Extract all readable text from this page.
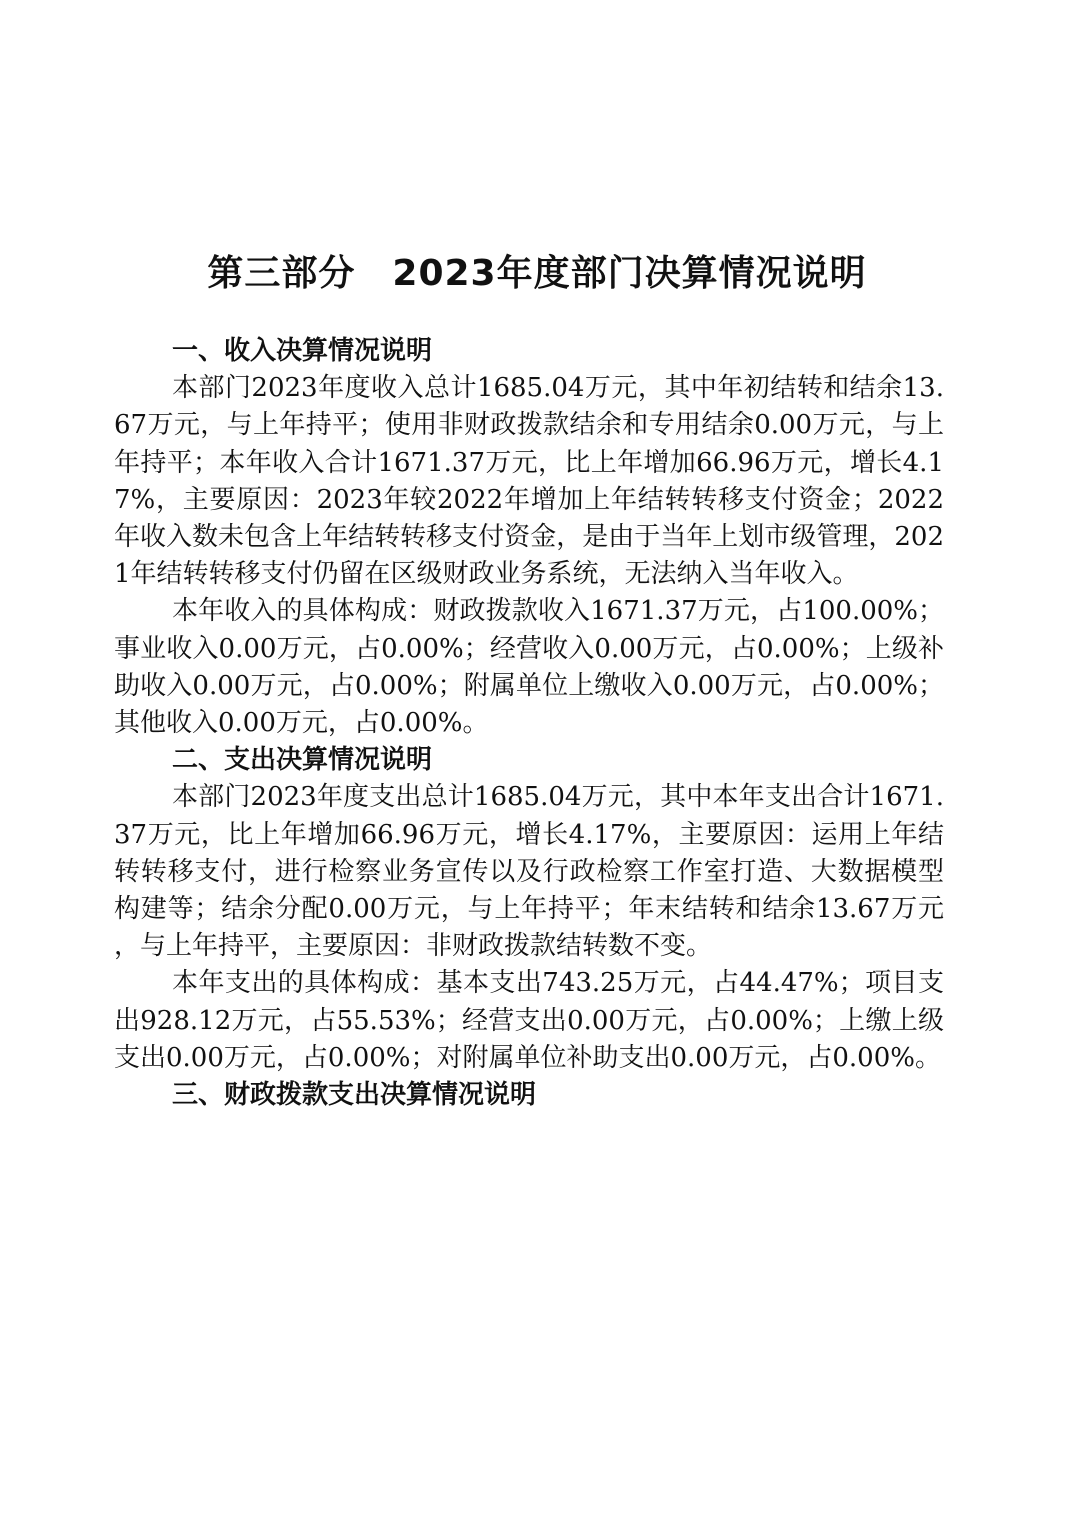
第三部分　2023年度部门决算情况说明

一、收入决算情况说明

本部门2023年度收入总计1685.04万元，其中年初结转和结余13.67万元，与上年持平；使用非财政拨款结余和专用结余0.00万元，与上年持平；本年收入合计1671.37万元，比上年增加66.96万元，增长4.17%，主要原因：2023年较2022年增加上年结转转移支付资金；2022年收入数未包含上年结转转移支付资金，是由于当年上划市级管理，2021年结转转移支付仍留在区级财政业务系统，无法纳入当年收入。

本年收入的具体构成：财政拨款收入1671.37万元，占100.00%；事业收入0.00万元，占0.00%；经营收入0.00万元，占0.00%；上级补助收入0.00万元，占0.00%；附属单位上缴收入0.00万元，占0.00%；其他收入0.00万元，占0.00%。

二、支出决算情况说明

本部门2023年度支出总计1685.04万元，其中本年支出合计1671.37万元，比上年增加66.96万元，增长4.17%，主要原因：运用上年结转转移支付，进行检察业务宣传以及行政检察工作室打造、大数据模型构建等；结余分配0.00万元，与上年持平；年末结转和结余13.67万元，与上年持平，主要原因：非财政拨款结转数不变。

本年支出的具体构成：基本支出743.25万元，占44.47%；项目支出928.12万元，占55.53%；经营支出0.00万元，占0.00%；上缴上级支出0.00万元，占0.00%；对附属单位补助支出0.00万元，占0.00%。

三、财政拨款支出决算情况说明
